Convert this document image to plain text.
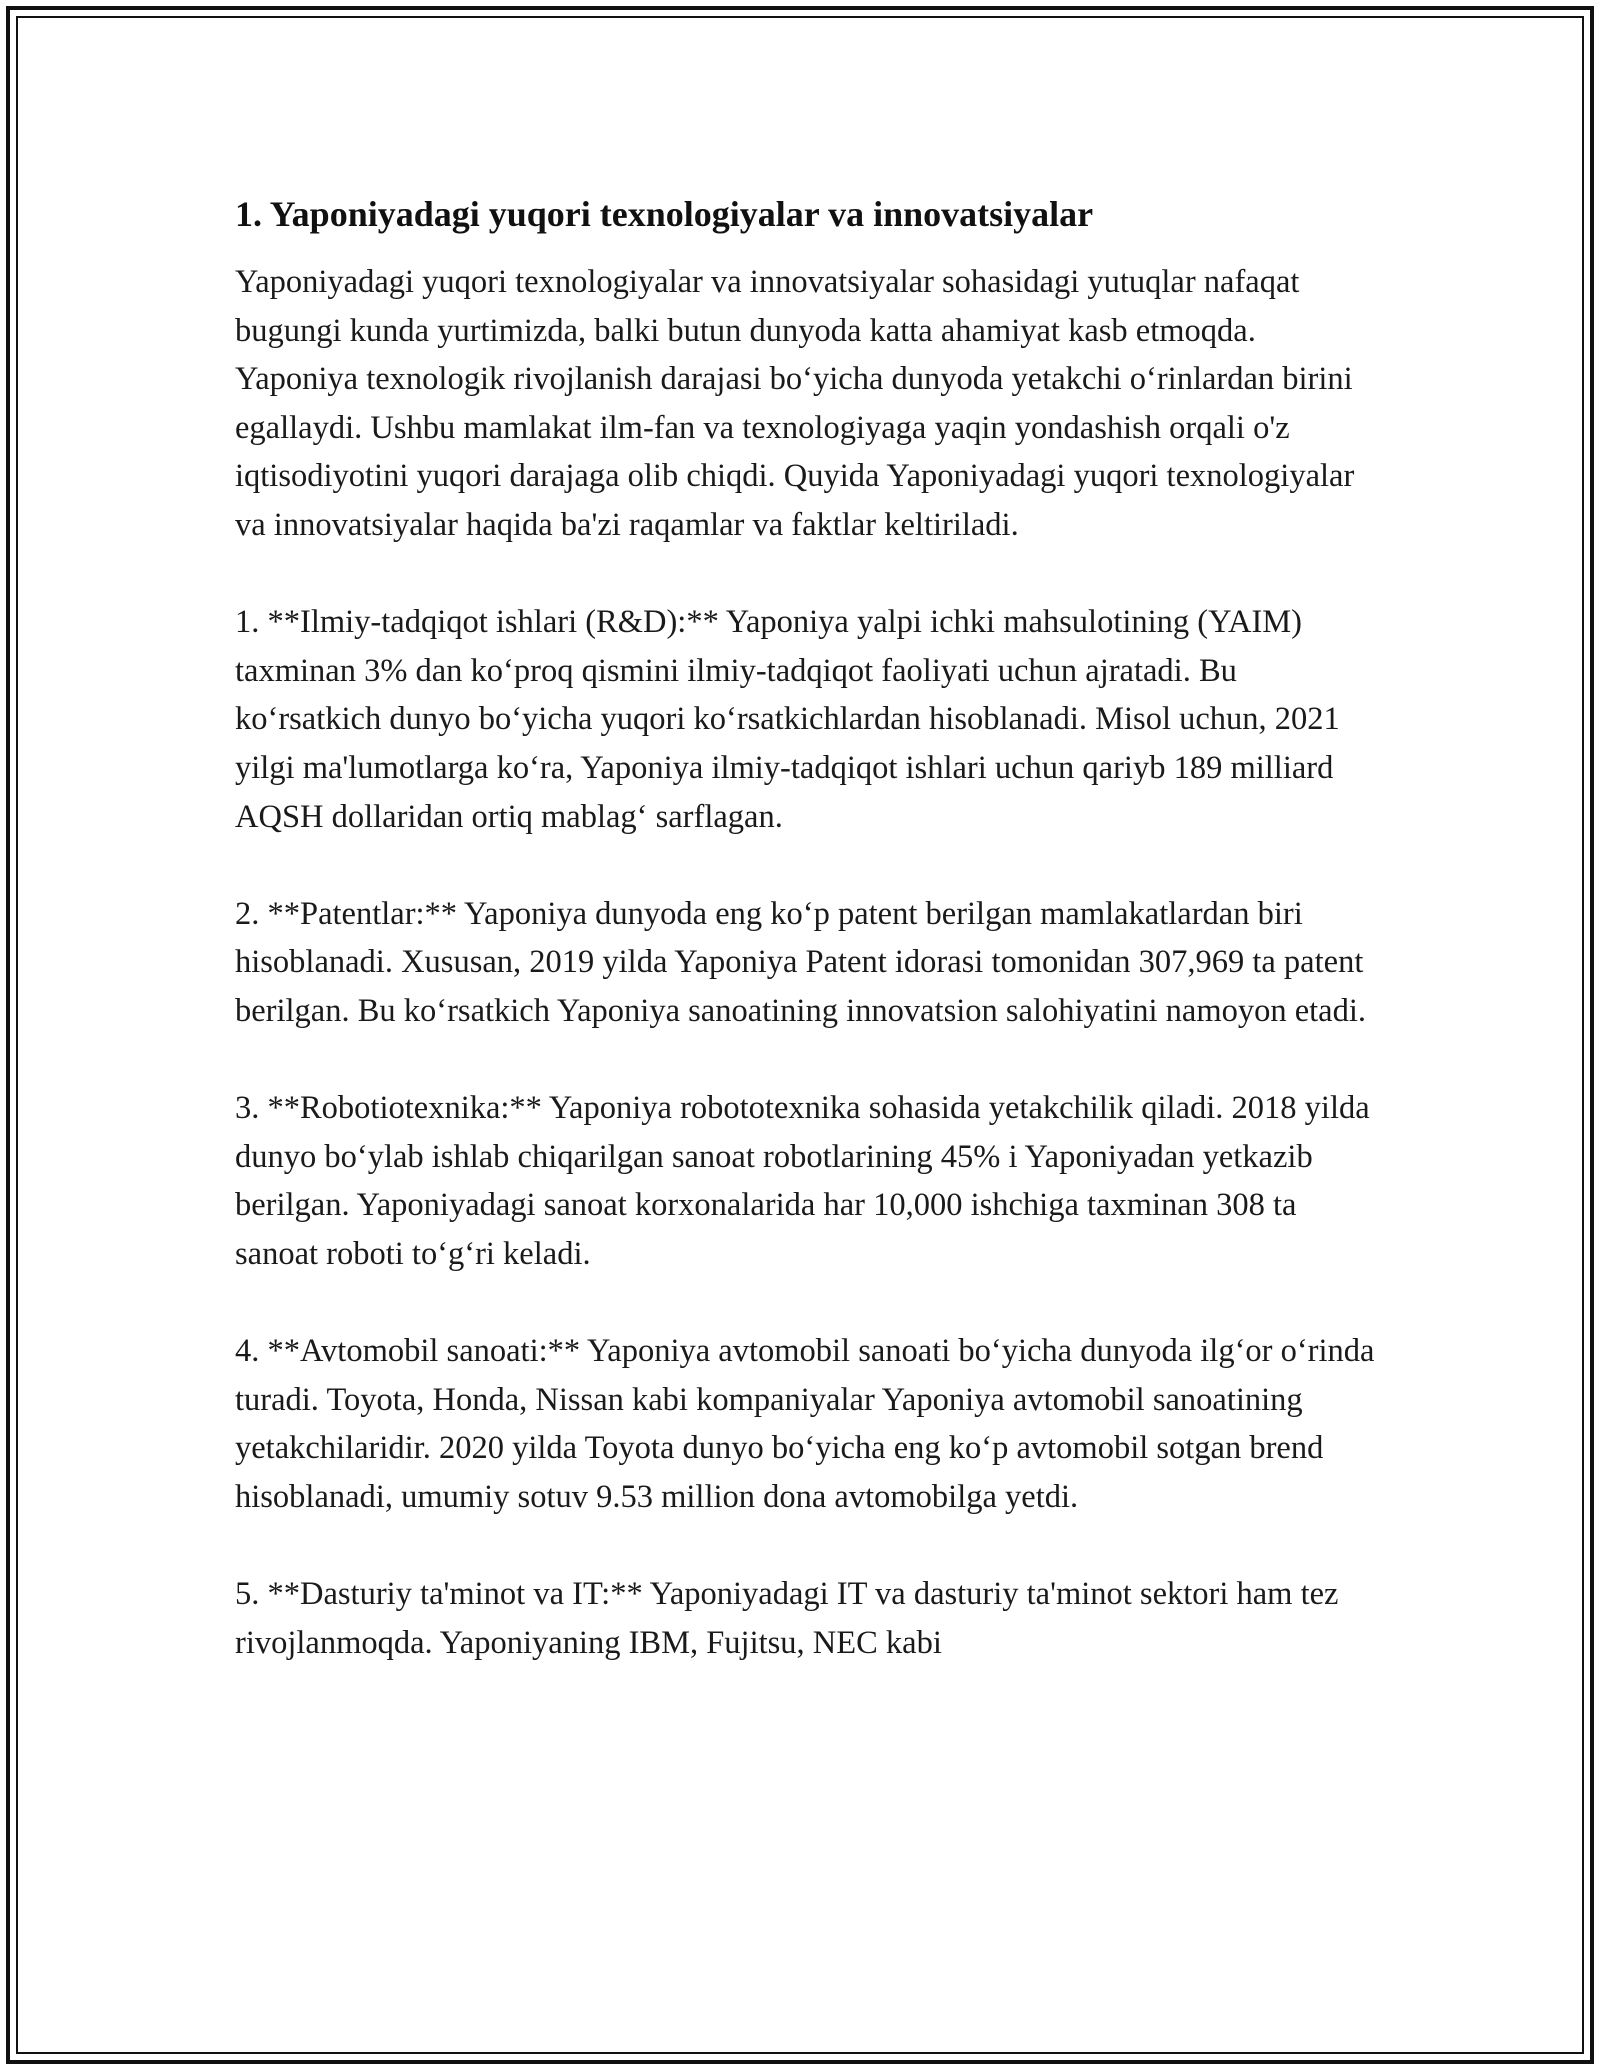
1. Yaponiyadagi yuqori texnologiyalar va innovatsiyalar

Yaponiyadagi yuqori texnologiyalar va innovatsiyalar sohasidagi yutuqlar nafaqat bugungi kunda yurtimizda, balki butun dunyoda katta ahamiyat kasb etmoqda. Yaponiya texnologik rivojlanish darajasi bo‘yicha dunyoda yetakchi o‘rinlardan birini egallaydi. Ushbu mamlakat ilm-fan va texnologiyaga yaqin yondashish orqali o'z iqtisodiyotini yuqori darajaga olib chiqdi. Quyida Yaponiyadagi yuqori texnologiyalar va innovatsiyalar haqida ba'zi raqamlar va faktlar keltiriladi.

1. **Ilmiy-tadqiqot ishlari (R&D):** Yaponiya yalpi ichki mahsulotining (YAIM) taxminan 3% dan ko‘proq qismini ilmiy-tadqiqot faoliyati uchun ajratadi. Bu ko‘rsatkich dunyo bo‘yicha yuqori ko‘rsatkichlardan hisoblanadi. Misol uchun, 2021 yilgi ma'lumotlarga ko‘ra, Yaponiya ilmiy-tadqiqot ishlari uchun qariyb 189 milliard AQSH dollaridan ortiq mablag‘ sarflagan.

2. **Patentlar:** Yaponiya dunyoda eng ko‘p patent berilgan mamlakatlardan biri hisoblanadi. Xususan, 2019 yilda Yaponiya Patent idorasi tomonidan 307,969 ta patent berilgan. Bu ko‘rsatkich Yaponiya sanoatining innovatsion salohiyatini namoyon etadi.

3. **Robotiotexnika:** Yaponiya robototexnika sohasida yetakchilik qiladi. 2018 yilda dunyo bo‘ylab ishlab chiqarilgan sanoat robotlarining 45% i Yaponiyadan yetkazib berilgan. Yaponiyadagi sanoat korxonalarida har 10,000 ishchiga taxminan 308 ta sanoat roboti to‘g‘ri keladi.

4. **Avtomobil sanoati:** Yaponiya avtomobil sanoati bo‘yicha dunyoda ilg‘or o‘rinda turadi. Toyota, Honda, Nissan kabi kompaniyalar Yaponiya avtomobil sanoatining yetakchilaridir. 2020 yilda Toyota dunyo bo‘yicha eng ko‘p avtomobil sotgan brend hisoblanadi, umumiy sotuv 9.53 million dona avtomobilga yetdi.

5. **Dasturiy ta'minot va IT:** Yaponiyadagi IT va dasturiy ta'minot sektori ham tez rivojlanmoqda. Yaponiyaning IBM, Fujitsu, NEC kabi
